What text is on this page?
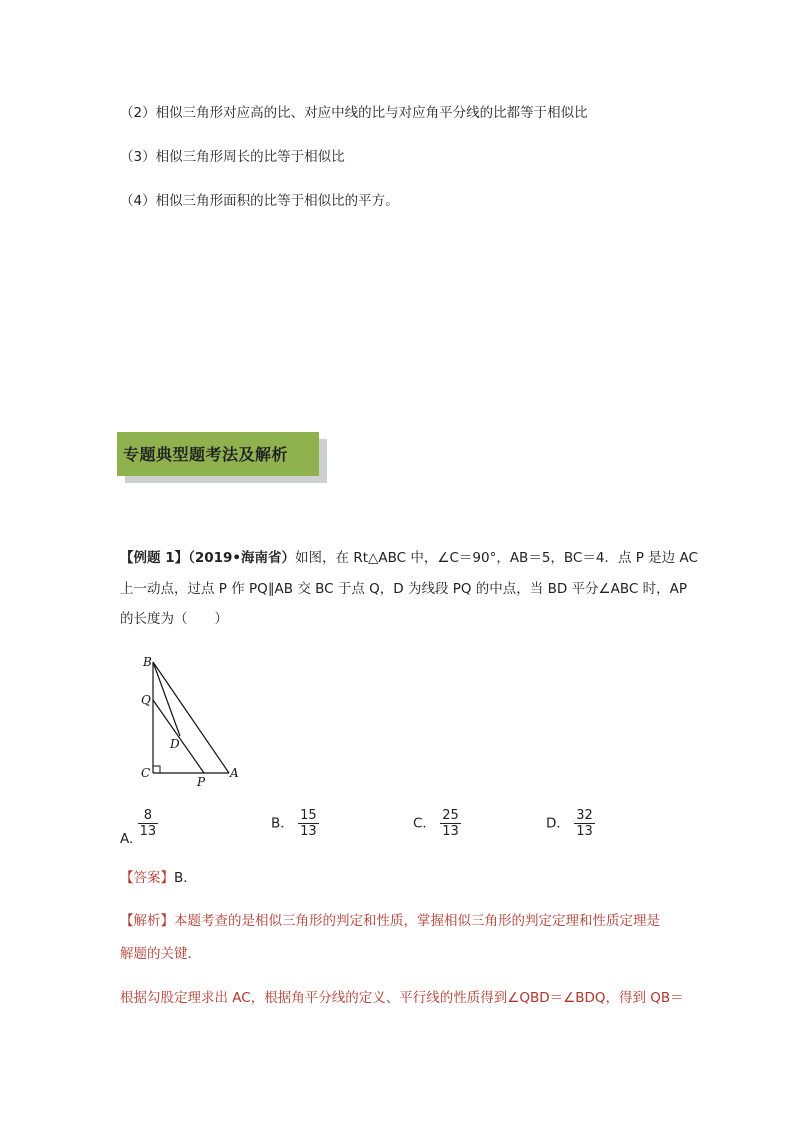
（2）相似三角形对应高的比、对应中线的比与对应角平分线的比都等于相似比
（3）相似三角形周长的比等于相似比
（4）相似三角形面积的比等于相似比的平方。
专题典型题考法及解析
【例题 1】（2019•海南省）如图，在 Rt△ABC 中，∠C＝90°，AB＝5，BC＝4．点 P 是边 AC
上一动点，过点 P 作 PQ∥AB 交 BC 于点 Q，D 为线段 PQ 的中点，当 BD 平分∠ABC 时，AP
的长度为（　　）
B
Q
D
C
P
A
A. $\frac{8}{13}$	B． $\frac{15}{13}$	C． $\frac{25}{13}$	D． $\frac{32}{13}$
【答案】B．
【解析】本题考查的是相似三角形的判定和性质，掌握相似三角形的判定定理和性质定理是
解题的关键．
根据勾股定理求出 AC，根据角平分线的定义、平行线的性质得到∠QBD＝∠BDQ，得到 QB＝
